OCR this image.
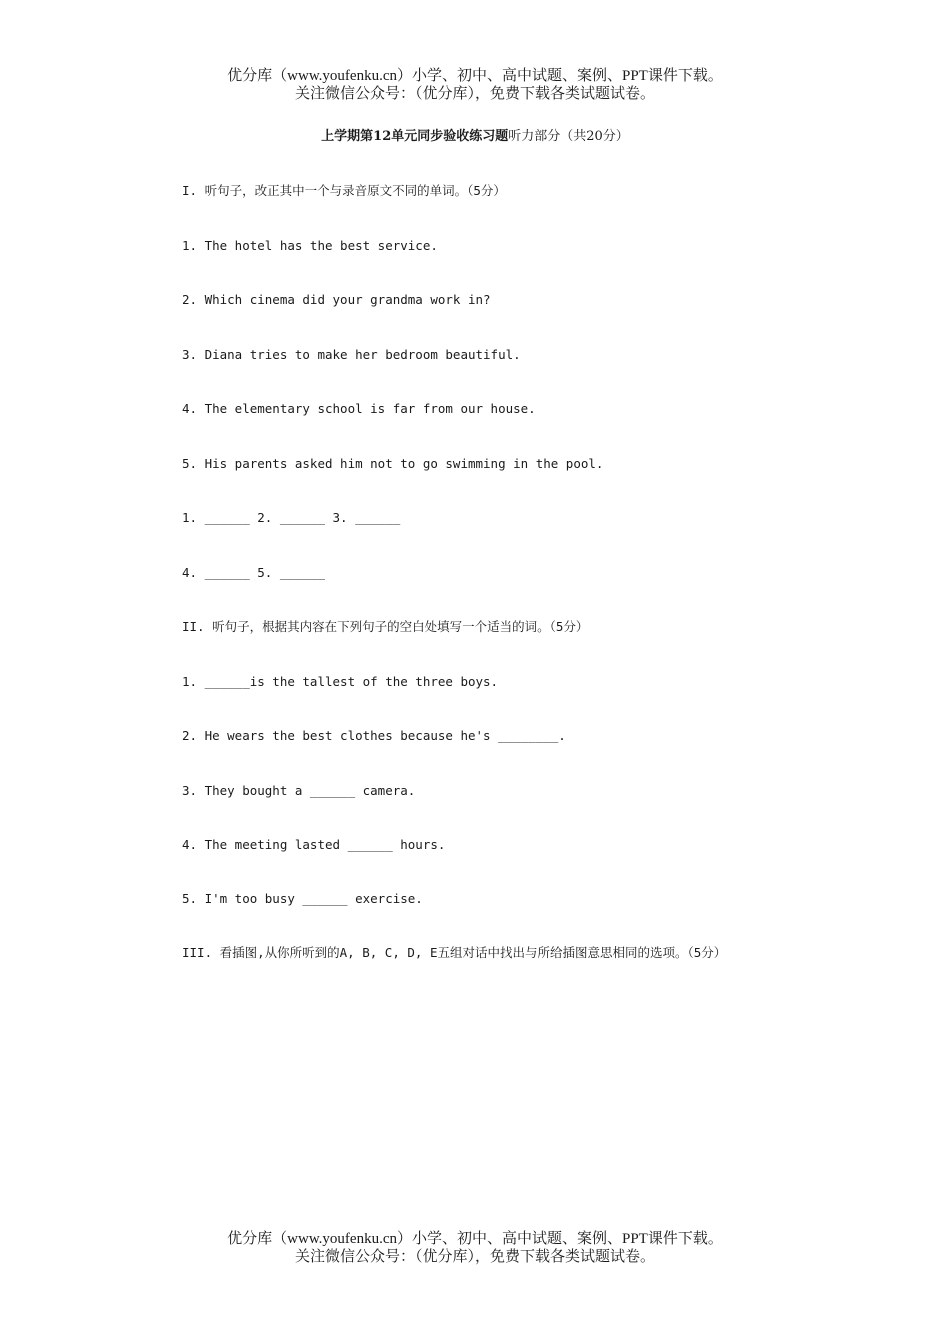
优分库（www.youfenku.cn）小学、初中、高中试题、案例、PPT课件下载。
关注微信公众号：（优分库），免费下载各类试题试卷。
上学期第12单元同步验收练习题听力部分（共20分）
I. 听句子，改正其中一个与录音原文不同的单词。（5分）
1. The hotel has the best service.
2. Which cinema did your grandma work in?
3. Diana tries to make her bedroom beautiful.
4. The elementary school is far from our house.
5. His parents asked him not to go swimming in the pool.
1. ______ 2. ______ 3. ______
4. ______ 5. ______
II. 听句子，根据其内容在下列句子的空白处填写一个适当的词。（5分）
1. ______is the tallest of the three boys.
2. He wears the best clothes because he's ________.
3. They bought a ______ camera.
4. The meeting lasted ______ hours.
5. I'm too busy ______ exercise.
III. 看插图,从你所听到的A, B, C, D, E五组对话中找出与所给插图意思相同的选项。（5分）
优分库（www.youfenku.cn）小学、初中、高中试题、案例、PPT课件下载。
关注微信公众号：（优分库），免费下载各类试题试卷。
